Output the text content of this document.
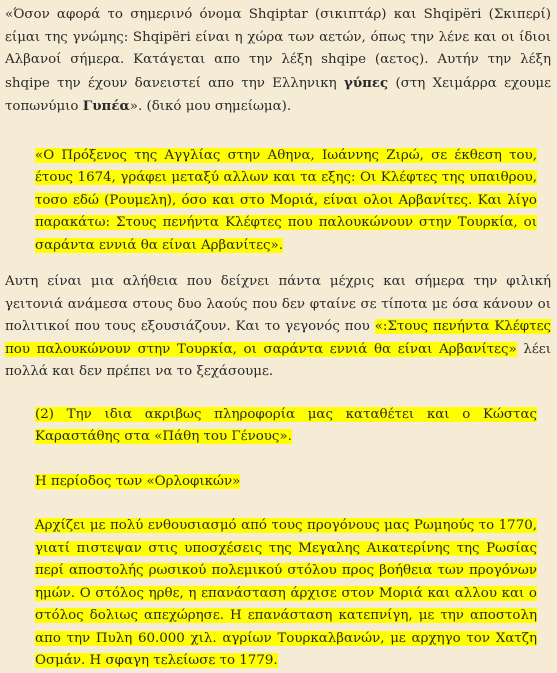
«Όσον αφορά το σημερινό όνομα Shqiptar (σικιπτάρ) και Shqipëri (Σκιπερί) είμαι της γνώμης: Shqipëri είναι η χώρα των αετών, όπως την λένε και οι ίδιοι Αλβανοί σήμερα. Κατάγεται απο την λέξη shqipe (αετος). Αυτήν την λέξη shqipe την έχουν δανειστεί απο την Ελληνικη γύπες (στη Χειμάρρα εχουμε τοπωνύμιο Γυπέα». (δικό μου σημείωμα).

«Ο Πρόξενος της Αγγλίας στην Αθηνα, Ιωάννης Ζιρώ, σε έκθεση του, έτους 1674, γράφει μεταξύ αλλων και τα εξης: Οι Κλέφτες της υπαιθρου, τοσο εδώ (Ρουμελη), όσο και στο Μοριά, είναι ολοι Αρβανίτες. Και λίγο παρακάτω: Στους πενήντα Κλέφτες που παλουκώνουν στην Τουρκία, οι σαράντα εννιά θα είναι Αρβανίτες».

Αυτη είναι μια αλήθεια που δείχνει πάντα μέχρις και σήμερα την φιλική γειτονιά ανάμεσα στους δυο λαούς που δεν φταίνε σε τίποτα με όσα κάνουν οι πολιτικοί που τους εξουσιάζουν. Και το γεγονός που «:Στους πενήντα Κλέφτες που παλουκώνουν στην Τουρκία, οι σαράντα εννιά θα είναι Αρβανίτες» λέει πολλά και δεν πρέπει να το ξεχάσουμε.

(2) Την ιδια ακριβως πληροφορία μας καταθέτει και ο Κώστας Καραστάθης στα «Πάθη του Γένους».

Η περίοδος των «Ορλοφικών»

Αρχίζει με πολύ ενθουσιασμό από τους προγόνους μας Ρωμηούς το 1770, γιατί πιστεψαν στις υποσχέσεις της Μεγαλης Αικατερίνης της Ρωσίας περί αποστολής ρωσικού πολεμικού στόλου προς βοήθεια των προγόνων ημών. Ο στόλος ηρθε, η επανάσταση άρχισε στον Μοριά και αλλου και ο στόλος δολιως απεχώρησε. Η επανάσταση κατεπνίγη, με την αποστολη απο την Πυλη 60.000 χιλ. αγρίων Τουρκαλβανών, με αρχηγο τον Χατζη Οσμάν. Η σφαγη τελείωσε το 1779.
